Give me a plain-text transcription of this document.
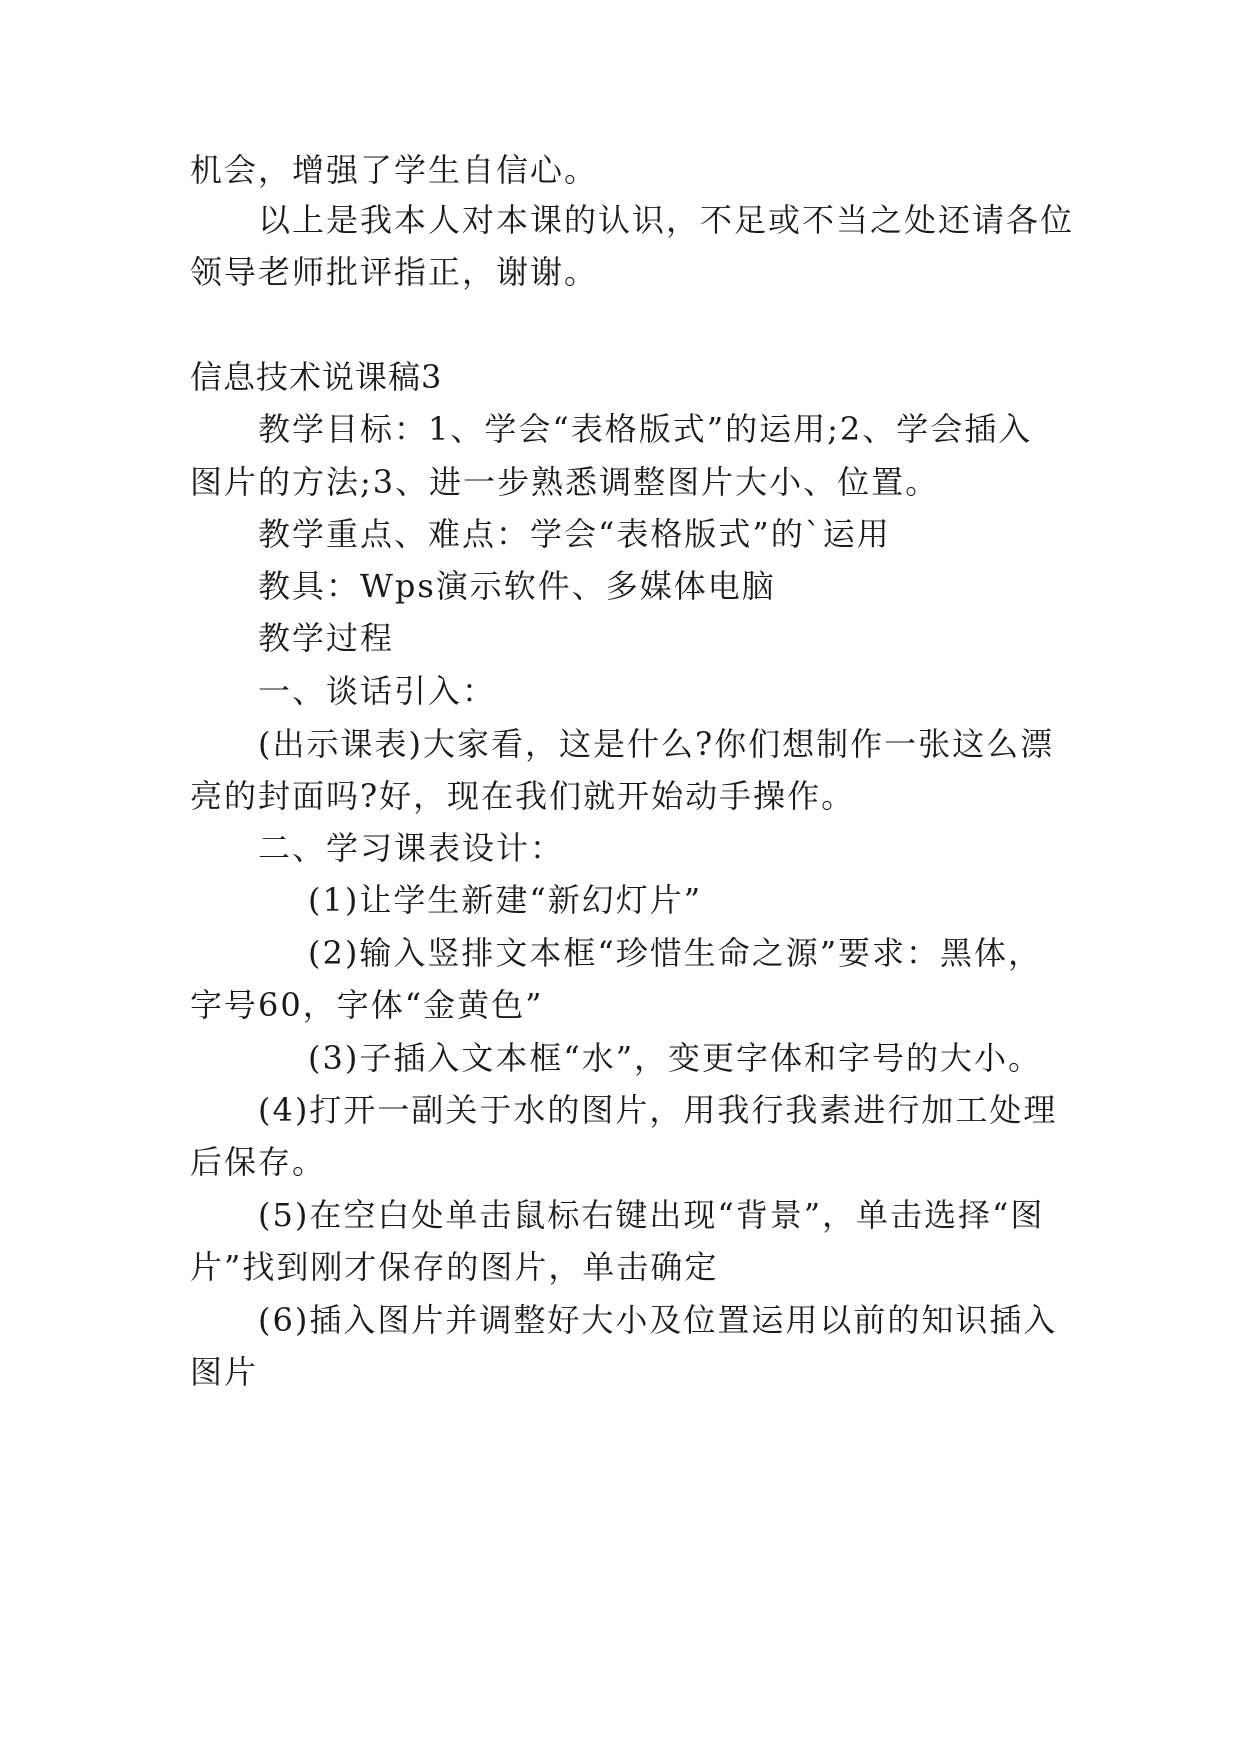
机会，增强了学生自信心。
以上是我本人对本课的认识，不足或不当之处还请各位
领导老师批评指正，谢谢。
信息技术说课稿3
教学目标：1、学会“表格版式”的运用;2、学会插入
图片的方法;3、进一步熟悉调整图片大小、位置。
教学重点、难点：学会“表格版式”的`运用
教具：Wps演示软件、多媒体电脑
教学过程
一、谈话引入：
(出示课表)大家看，这是什么?你们想制作一张这么漂
亮的封面吗?好，现在我们就开始动手操作。
二、学习课表设计：
(1)让学生新建“新幻灯片”
(2)输入竖排文本框“珍惜生命之源”要求：黑体，
字号60，字体“金黄色”
(3)子插入文本框“水”，变更字体和字号的大小。
(4)打开一副关于水的图片，用我行我素进行加工处理
后保存。
(5)在空白处单击鼠标右键出现“背景”，单击选择“图
片”找到刚才保存的图片，单击确定
(6)插入图片并调整好大小及位置运用以前的知识插入
图片
